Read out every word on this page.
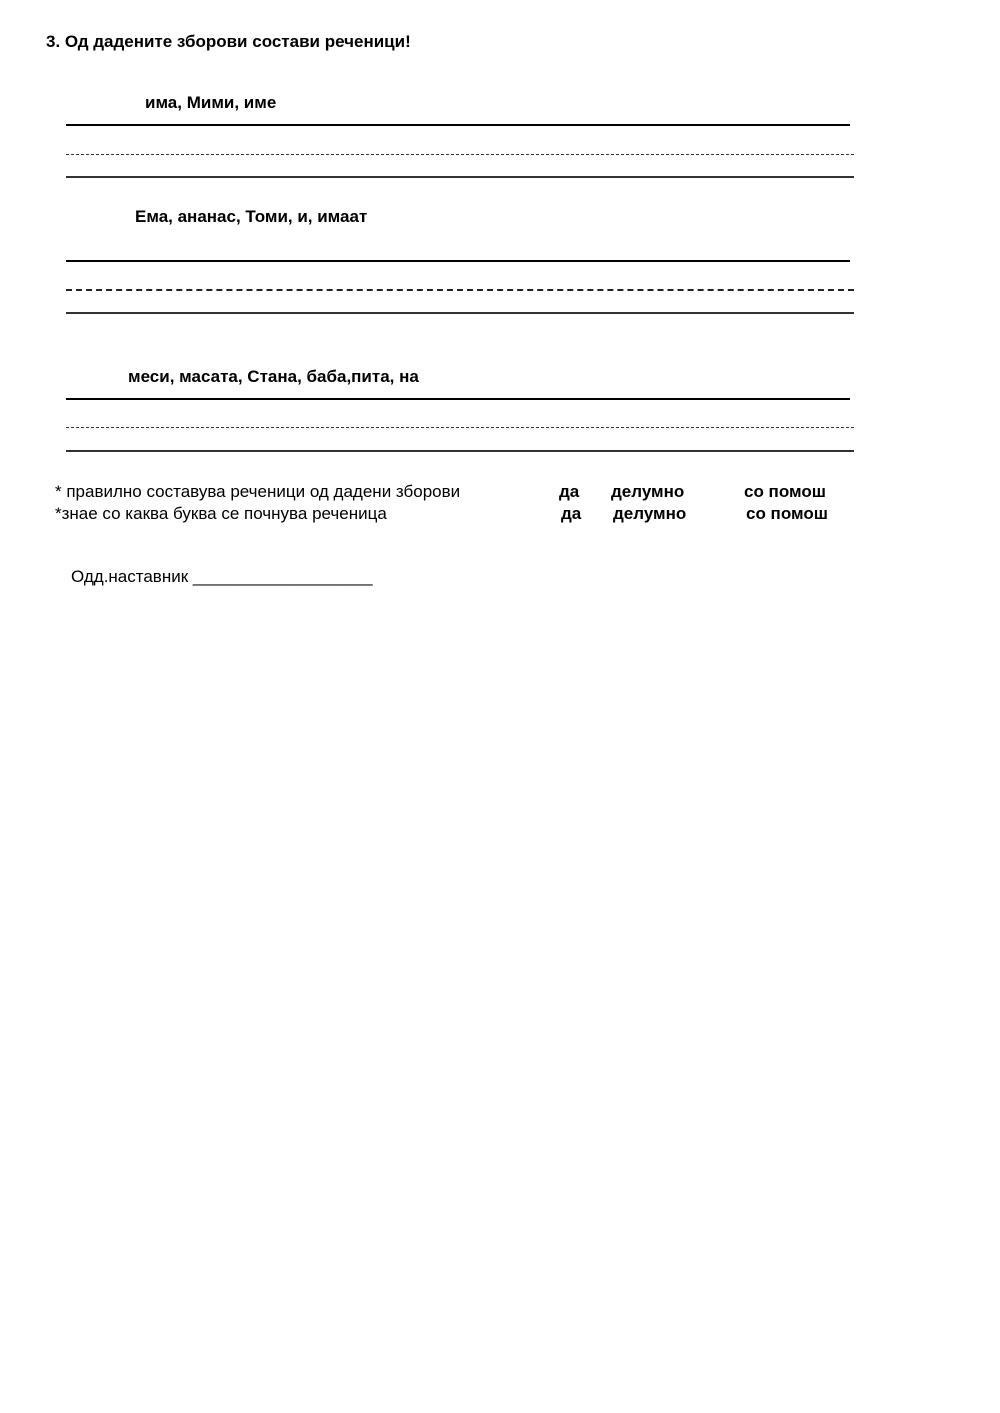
3. Од дадените зборови состави реченици!
има, Мими, име
Ема, ананас, Томи, и, имаат
меси, масата, Стана, баба,пита, на
* правилно составува реченици од дадени зборови	да делумно	со помош
*знае со каква буква се почнува реченица	да делумно	со помош
Одд.наставник ___________________
